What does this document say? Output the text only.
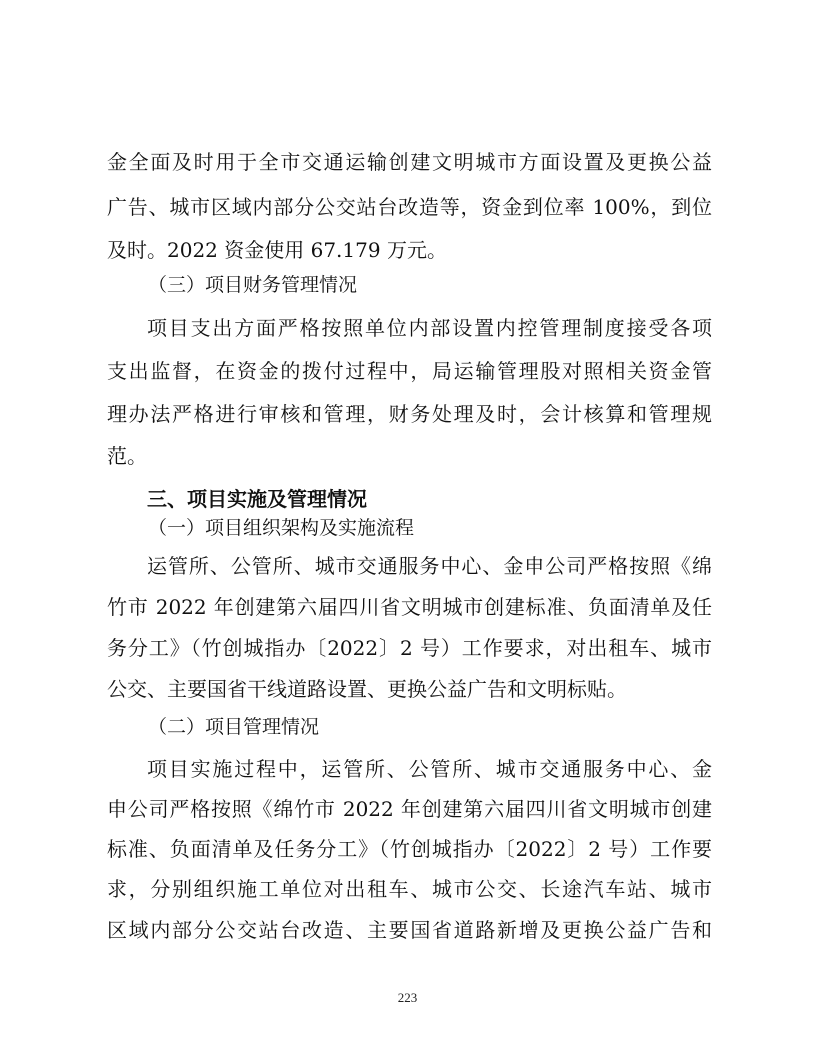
金全面及时用于全市交通运输创建文明城市方面设置及更换公益
广告、城市区域内部分公交站台改造等，资金到位率 100%，到位
及时。2022 资金使用 67.179 万元。
（三）项目财务管理情况
项目支出方面严格按照单位内部设置内控管理制度接受各项
支出监督，在资金的拨付过程中，局运输管理股对照相关资金管
理办法严格进行审核和管理，财务处理及时，会计核算和管理规
范。
三、项目实施及管理情况
（一）项目组织架构及实施流程
运管所、公管所、城市交通服务中心、金申公司严格按照《绵
竹市 2022 年创建第六届四川省文明城市创建标准、负面清单及任
务分工》（竹创城指办〔2022〕2 号）工作要求，对出租车、城市
公交、主要国省干线道路设置、更换公益广告和文明标贴。
（二）项目管理情况
项目实施过程中，运管所、公管所、城市交通服务中心、金
申公司严格按照《绵竹市 2022 年创建第六届四川省文明城市创建
标准、负面清单及任务分工》（竹创城指办〔2022〕2 号）工作要
求，分别组织施工单位对出租车、城市公交、长途汽车站、城市
区域内部分公交站台改造、主要国省道路新增及更换公益广告和
223
